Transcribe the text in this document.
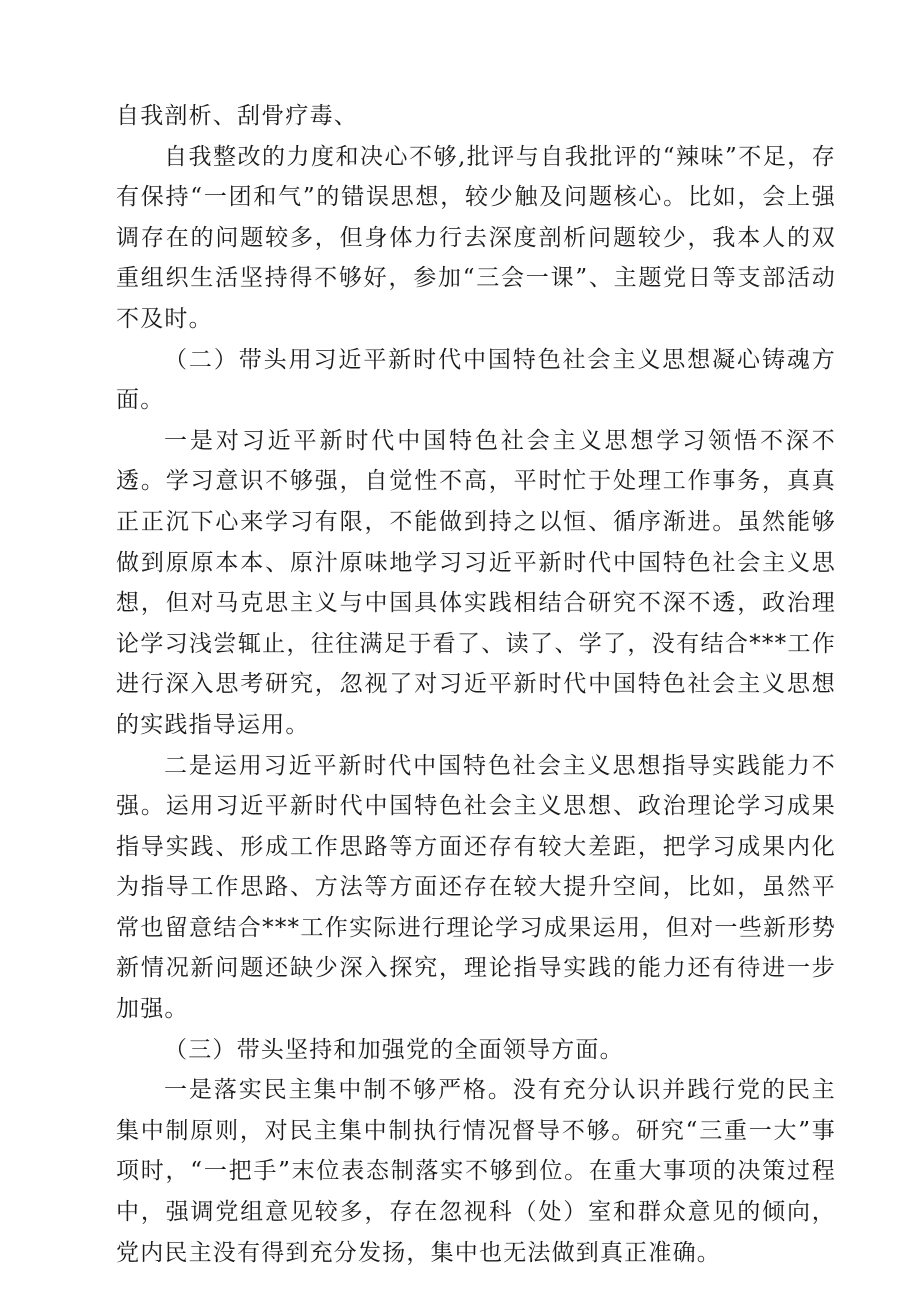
自我剖析、刮骨疗毒、

自我整改的力度和决心不够,批评与自我批评的“辣味”不足，存有保持“一团和气”的错误思想，较少触及问题核心。比如，会上强调存在的问题较多，但身体力行去深度剖析问题较少，我本人的双重组织生活坚持得不够好，参加“三会一课”、主题党日等支部活动不及时。

（二）带头用习近平新时代中国特色社会主义思想凝心铸魂方面。

一是对习近平新时代中国特色社会主义思想学习领悟不深不透。学习意识不够强，自觉性不高，平时忙于处理工作事务，真真正正沉下心来学习有限，不能做到持之以恒、循序渐进。虽然能够做到原原本本、原汁原味地学习习近平新时代中国特色社会主义思想，但对马克思主义与中国具体实践相结合研究不深不透，政治理论学习浅尝辄止，往往满足于看了、读了、学了，没有结合***工作进行深入思考研究，忽视了对习近平新时代中国特色社会主义思想的实践指导运用。

二是运用习近平新时代中国特色社会主义思想指导实践能力不强。运用习近平新时代中国特色社会主义思想、政治理论学习成果指导实践、形成工作思路等方面还存有较大差距，把学习成果内化为指导工作思路、方法等方面还存在较大提升空间，比如，虽然平常也留意结合***工作实际进行理论学习成果运用，但对一些新形势新情况新问题还缺少深入探究，理论指导实践的能力还有待进一步加强。

（三）带头坚持和加强党的全面领导方面。

一是落实民主集中制不够严格。没有充分认识并践行党的民主集中制原则，对民主集中制执行情况督导不够。研究“三重一大”事项时，“一把手”末位表态制落实不够到位。在重大事项的决策过程中，强调党组意见较多，存在忽视科（处）室和群众意见的倾向，党内民主没有得到充分发扬，集中也无法做到真正准确。
